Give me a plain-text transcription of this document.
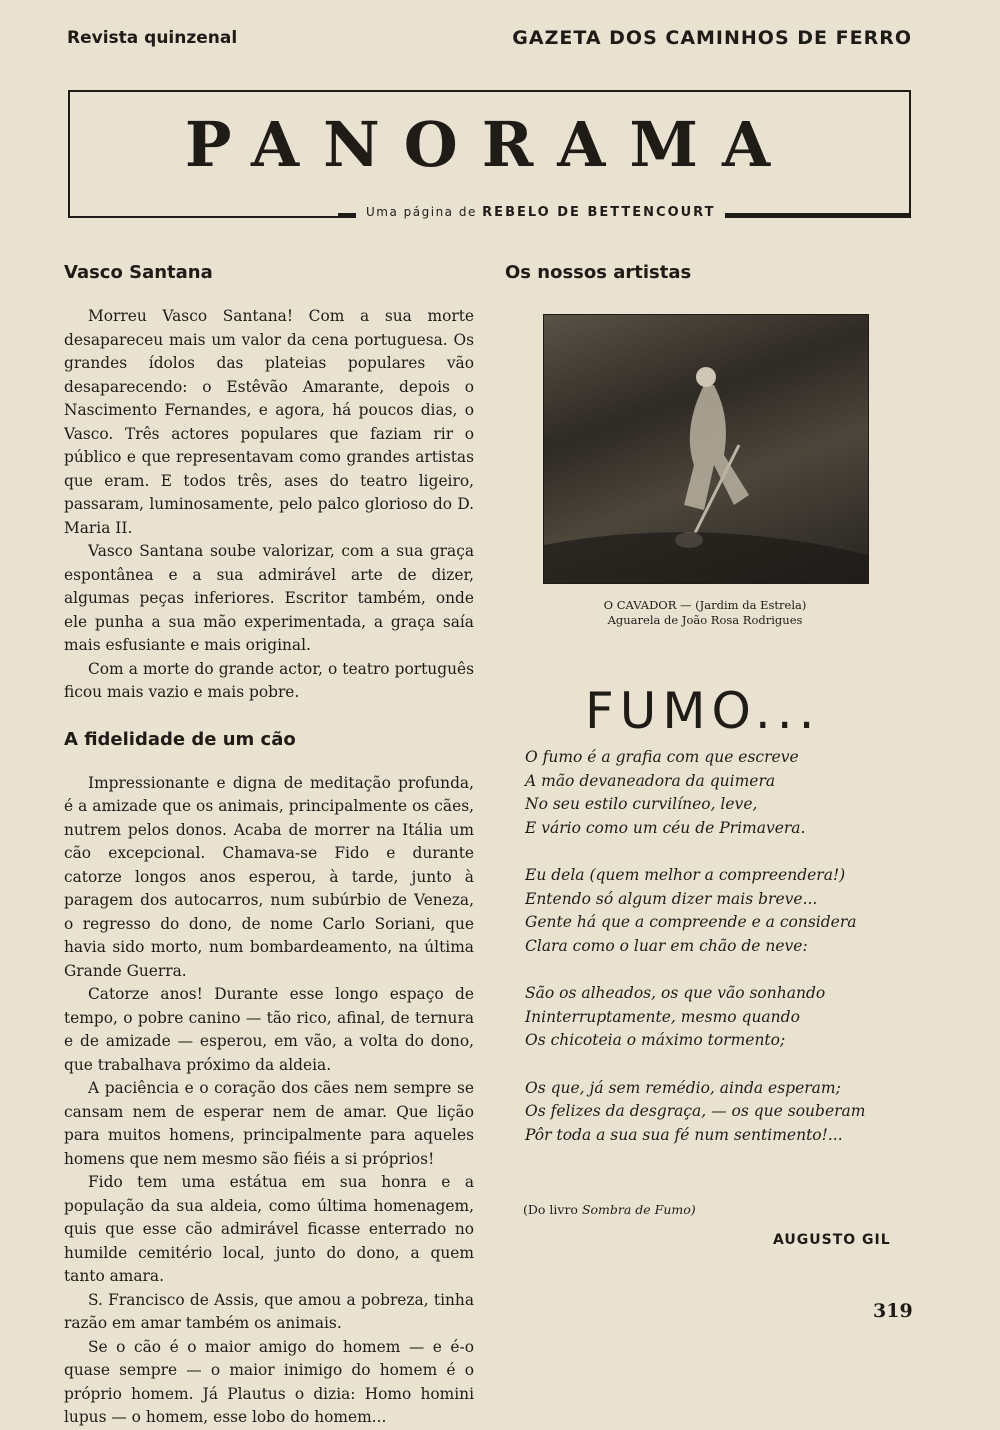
Revista quinzenal	GAZETA DOS CAMINHOS DE FERRO
PANORAMA
Uma página de REBELO DE BETTENCOURT
Vasco Santana

Morreu Vasco Santana! Com a sua morte desapareceu mais um valor da cena portuguesa. Os grandes ídolos das plateias populares vão desaparecendo: o Estêvão Amarante, depois o Nascimento Fernandes, e agora, há poucos dias, o Vasco. Três actores populares que faziam rir o público e que representavam como grandes artistas que eram. E todos três, ases do teatro ligeiro, passaram, luminosamente, pelo palco glorioso do D. Maria II.

Vasco Santana soube valorizar, com a sua graça espontânea e a sua admirável arte de dizer, algumas peças inferiores. Escritor também, onde ele punha a sua mão experimentada, a graça saía mais esfusiante e mais original.

Com a morte do grande actor, o teatro português ficou mais vazio e mais pobre.

A fidelidade de um cão

Impressionante e digna de meditação profunda, é a amizade que os animais, principalmente os cães, nutrem pelos donos. Acaba de morrer na Itália um cão excepcional. Chamava-se Fido e durante catorze longos anos esperou, à tarde, junto à paragem dos autocarros, num subúrbio de Veneza, o regresso do dono, de nome Carlo Soriani, que havia sido morto, num bombardeamento, na última Grande Guerra.

Catorze anos! Durante esse longo espaço de tempo, o pobre canino — tão rico, afinal, de ternura e de amizade — esperou, em vão, a volta do dono, que trabalhava próximo da aldeia.

A paciência e o coração dos cães nem sempre se cansam nem de esperar nem de amar. Que lição para muitos homens, principalmente para aqueles homens que nem mesmo são fiéis a si próprios!

Fido tem uma estátua em sua honra e a população da sua aldeia, como última homenagem, quis que esse cão admirável ficasse enterrado no humilde cemitério local, junto do dono, a quem tanto amara.

S. Francisco de Assis, que amou a pobreza, tinha razão em amar também os animais.

Se o cão é o maior amigo do homem — e é-o quase sempre — o maior inimigo do homem é o próprio homem. Já Plautus o dizia: Homo homini lupus — o homem, esse lobo do homem...

Os nossos artistas
O CAVADOR — (Jardim da Estrela)
Aguarela de João Rosa Rodrigues
FUMO...
O fumo é a grafia com que escreve
A mão devaneadora da quimera
No seu estilo curvilíneo, leve,
E vário como um céu de Primavera.
Eu dela (quem melhor a compreendera!)
Entendo só algum dizer mais breve...
Gente há que a compreende e a considera
Clara como o luar em chão de neve:
São os alheados, os que vão sonhando
Ininterruptamente, mesmo quando
Os chicoteia o máximo tormento;
Os que, já sem remédio, ainda esperam;
Os felizes da desgraça, — os que souberam
Pôr toda a sua sua fé num sentimento!...
(Do livro Sombra de Fumo)
AUGUSTO GIL
319
